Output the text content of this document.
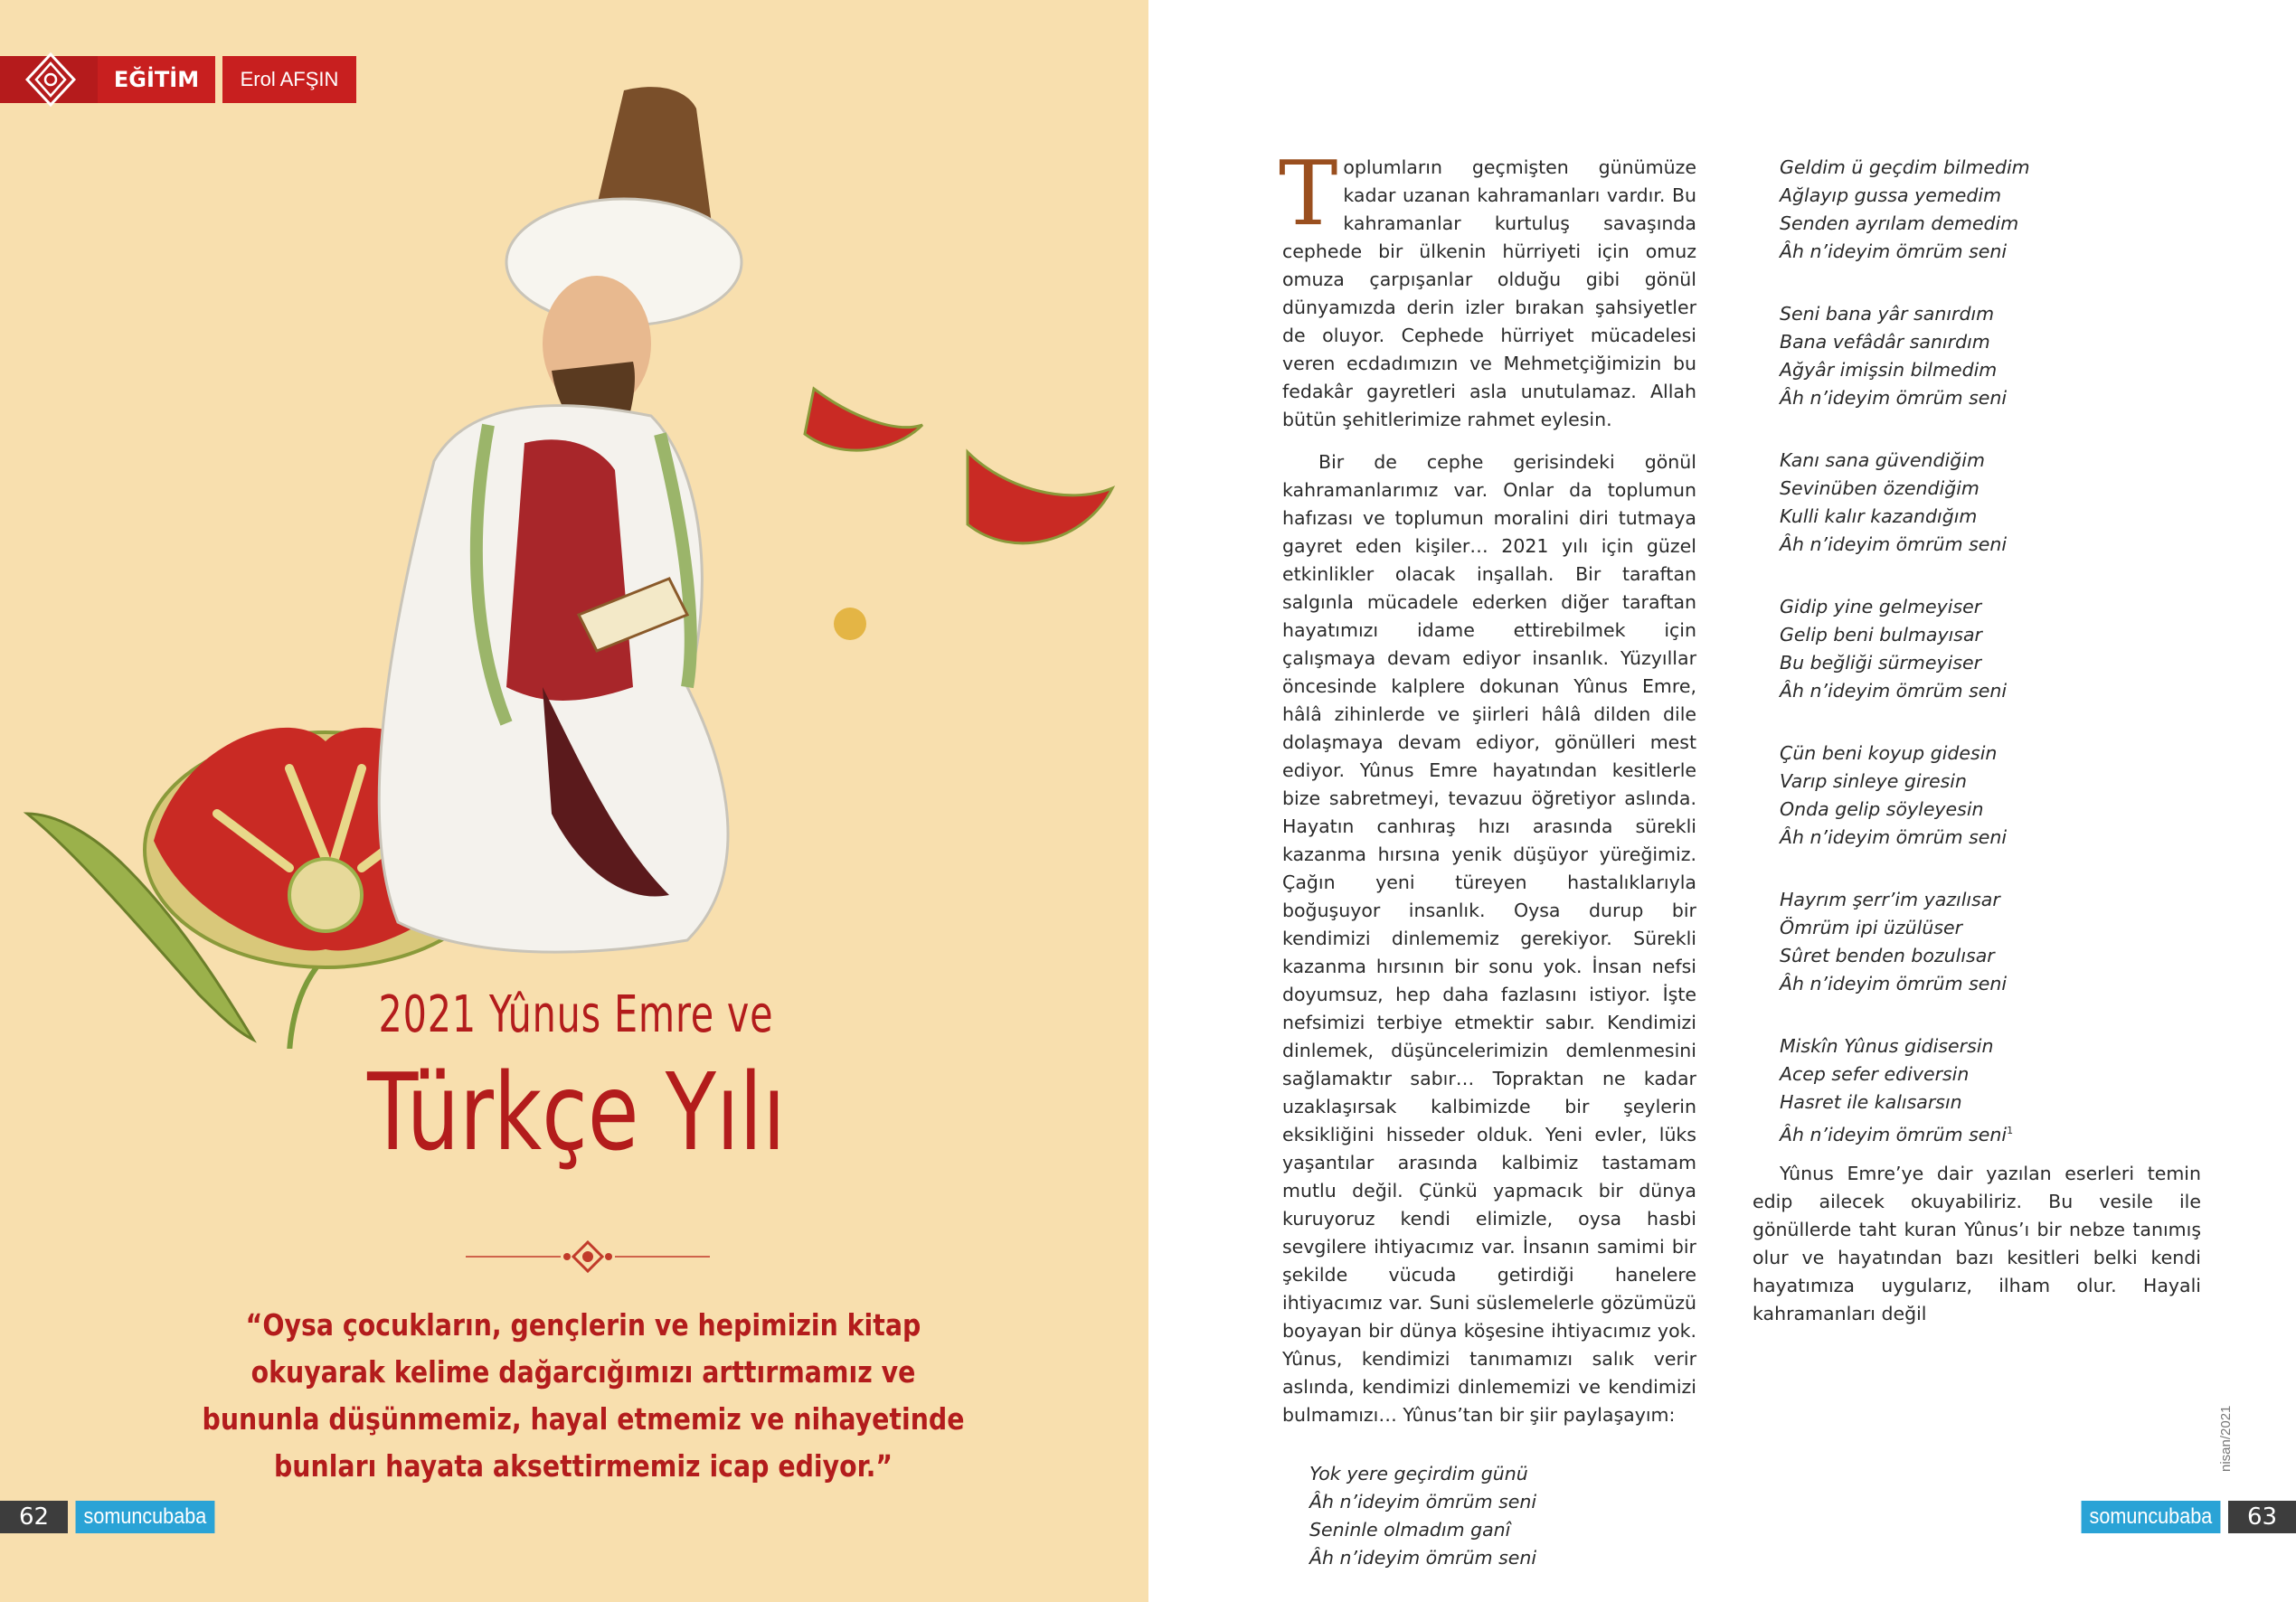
EĞİTİM	Erol AFŞIN
2021 Yûnus Emre ve
Türkçe Yılı
“Oysa çocukların, gençlerin ve hepimizin kitap okuyarak kelime dağarcığımızı arttırmamız ve bununla düşünmemiz, hayal etmemiz ve nihayetinde bunları hayata aksettirmemiz icap ediyor.”
62	somuncubaba

Toplumların geçmişten günümüze kadar uzanan kahramanları vardır. Bu kahramanlar kurtuluş savaşında cephede bir ülkenin hürriyeti için omuz omuza çarpışanlar olduğu gibi gönül dünyamızda derin izler bırakan şahsiyetler de oluyor. Cephede hürriyet mücadelesi veren ecdadımızın ve Mehmetçiğimizin bu fedakâr gayretleri asla unutulamaz. Allah bütün şehitlerimize rahmet eylesin.

Bir de cephe gerisindeki gönül kahramanlarımız var. Onlar da toplumun hafızası ve toplumun moralini diri tutmaya gayret eden kişiler… 2021 yılı için güzel etkinlikler olacak inşallah. Bir taraftan salgınla mücadele ederken diğer taraftan hayatımızı idame ettirebilmek için çalışmaya devam ediyor insanlık. Yüzyıllar öncesinde kalplere dokunan Yûnus Emre, hâlâ zihinlerde ve şiirleri hâlâ dilden dile dolaşmaya devam ediyor, gönülleri mest ediyor. Yûnus Emre hayatından kesitlerle bize sabretmeyi, tevazuu öğretiyor aslında. Hayatın canhıraş hızı arasında sürekli kazanma hırsına yenik düşüyor yüreğimiz. Çağın yeni türeyen hastalıklarıyla boğuşuyor insanlık. Oysa durup bir kendimizi dinlememiz gerekiyor. Sürekli kazanma hırsının bir sonu yok. İnsan nefsi doyumsuz, hep daha fazlasını istiyor. İşte nefsimizi terbiye etmektir sabır. Kendimizi dinlemek, düşüncelerimizin demlenmesini sağlamaktır sabır… Topraktan ne kadar uzaklaşırsak kalbimizde bir şeylerin eksikliğini hisseder olduk. Yeni evler, lüks yaşantılar arasında kalbimiz tastamam mutlu değil. Çünkü yapmacık bir dünya kuruyoruz kendi elimizle, oysa hasbi sevgilere ihtiyacımız var. İnsanın samimi bir şekilde vücuda getirdiği hanelere ihtiyacımız var. Suni süslemelerle gözümüzü boyayan bir dünya köşesine ihtiyacımız yok. Yûnus, kendimizi tanımamızı salık verir aslında, kendimizi dinlememizi ve kendimizi bulmamızı… Yûnus’tan bir şiir paylaşayım:

Yok yere geçirdim günü

Âh n’ideyim ömrüm seni

Seninle olmadım ganî

Âh n’ideyim ömrüm seni

Geldim ü geçdim bilmedim

Ağlayıp gussa yemedim

Senden ayrılam demedim

Âh n’ideyim ömrüm seni

Seni bana yâr sanırdım

Bana vefâdâr sanırdım

Ağyâr imişsin bilmedim

Âh n’ideyim ömrüm seni

Kanı sana güvendiğim

Sevinüben özendiğim

Kulli kalır kazandığım

Âh n’ideyim ömrüm seni

Gidip yine gelmeyiser

Gelip beni bulmayısar

Bu beğliği sürmeyiser

Âh n’ideyim ömrüm seni

Çün beni koyup gidesin

Varıp sinleye giresin

Onda gelip söyleyesin

Âh n’ideyim ömrüm seni

Hayrım şerr’im yazılısar

Ömrüm ipi üzülüser

Sûret benden bozulısar

Âh n’ideyim ömrüm seni

Miskîn Yûnus gidisersin

Acep sefer ediversin

Hasret ile kalısarsın

Âh n’ideyim ömrüm seni

$^1$

Yûnus Emre’ye dair yazılan eserleri temin edip ailecek okuyabiliriz. Bu vesile ile gönüllerde taht kuran Yûnus’ı bir nebze tanımış olur ve hayatından bazı kesitleri belki kendi hayatımıza uygularız, ilham olur. Hayali kahramanları değil

nisan/2021
somuncubaba	63
